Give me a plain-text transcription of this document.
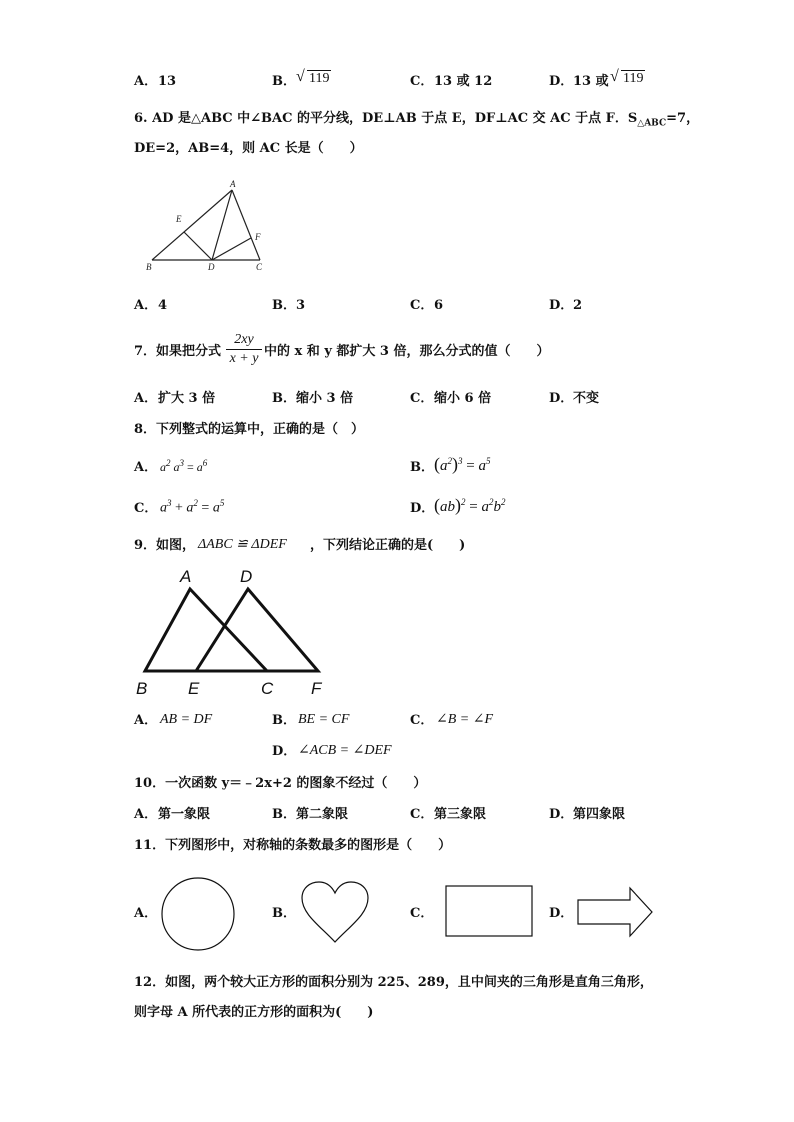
A． 13	B． √ 119	C． 13 或 12	D． 13 或 √ 119
6. AD 是△ABC 中∠BAC 的平分线，DE⊥AB 于点 E，DF⊥AC 交 AC 于点 F．$S_{\triangle ABC}=7$，
DE=2，AB=4，则 AC 长是（　　）
A
B	C
D
E
F
A． 4	B． 3	C． 6	D． 2
7．如果把分式 $\frac{2xy}{x + y}$ 中的 x 和 y 都扩大 3 倍，那么分式的值（　　）
A． 扩大 3 倍	B． 缩小 3 倍	C． 缩小 6 倍	D． 不变
8．下列整式的运算中，正确的是（　）
A． $a^2$ $a^3 = a^6$	B． $(a^2)^3 = a^5$
C． $a^3 + a^2 = a^5$	D． $(ab)^2 = a^2b^2$
9．如图， ΔABC ≌ ΔDEF ，下列结论正确的是(　　)
A	D
B E	C F
A． AB = DF	B． BE = CF	C． ∠B = ∠F
D． ∠ACB = ∠DEF
10．一次函数 y＝﹣2x+2 的图象不经过（　　）
A． 第一象限	B． 第二象限	C． 第三象限	D． 第四象限
11．下列图形中，对称轴的条数最多的图形是（　　）
A．	B．	C．	D．
12．如图，两个较大正方形的面积分别为 225、289，且中间夹的三角形是直角三角形，
则字母 A 所代表的正方形的面积为(　　)
